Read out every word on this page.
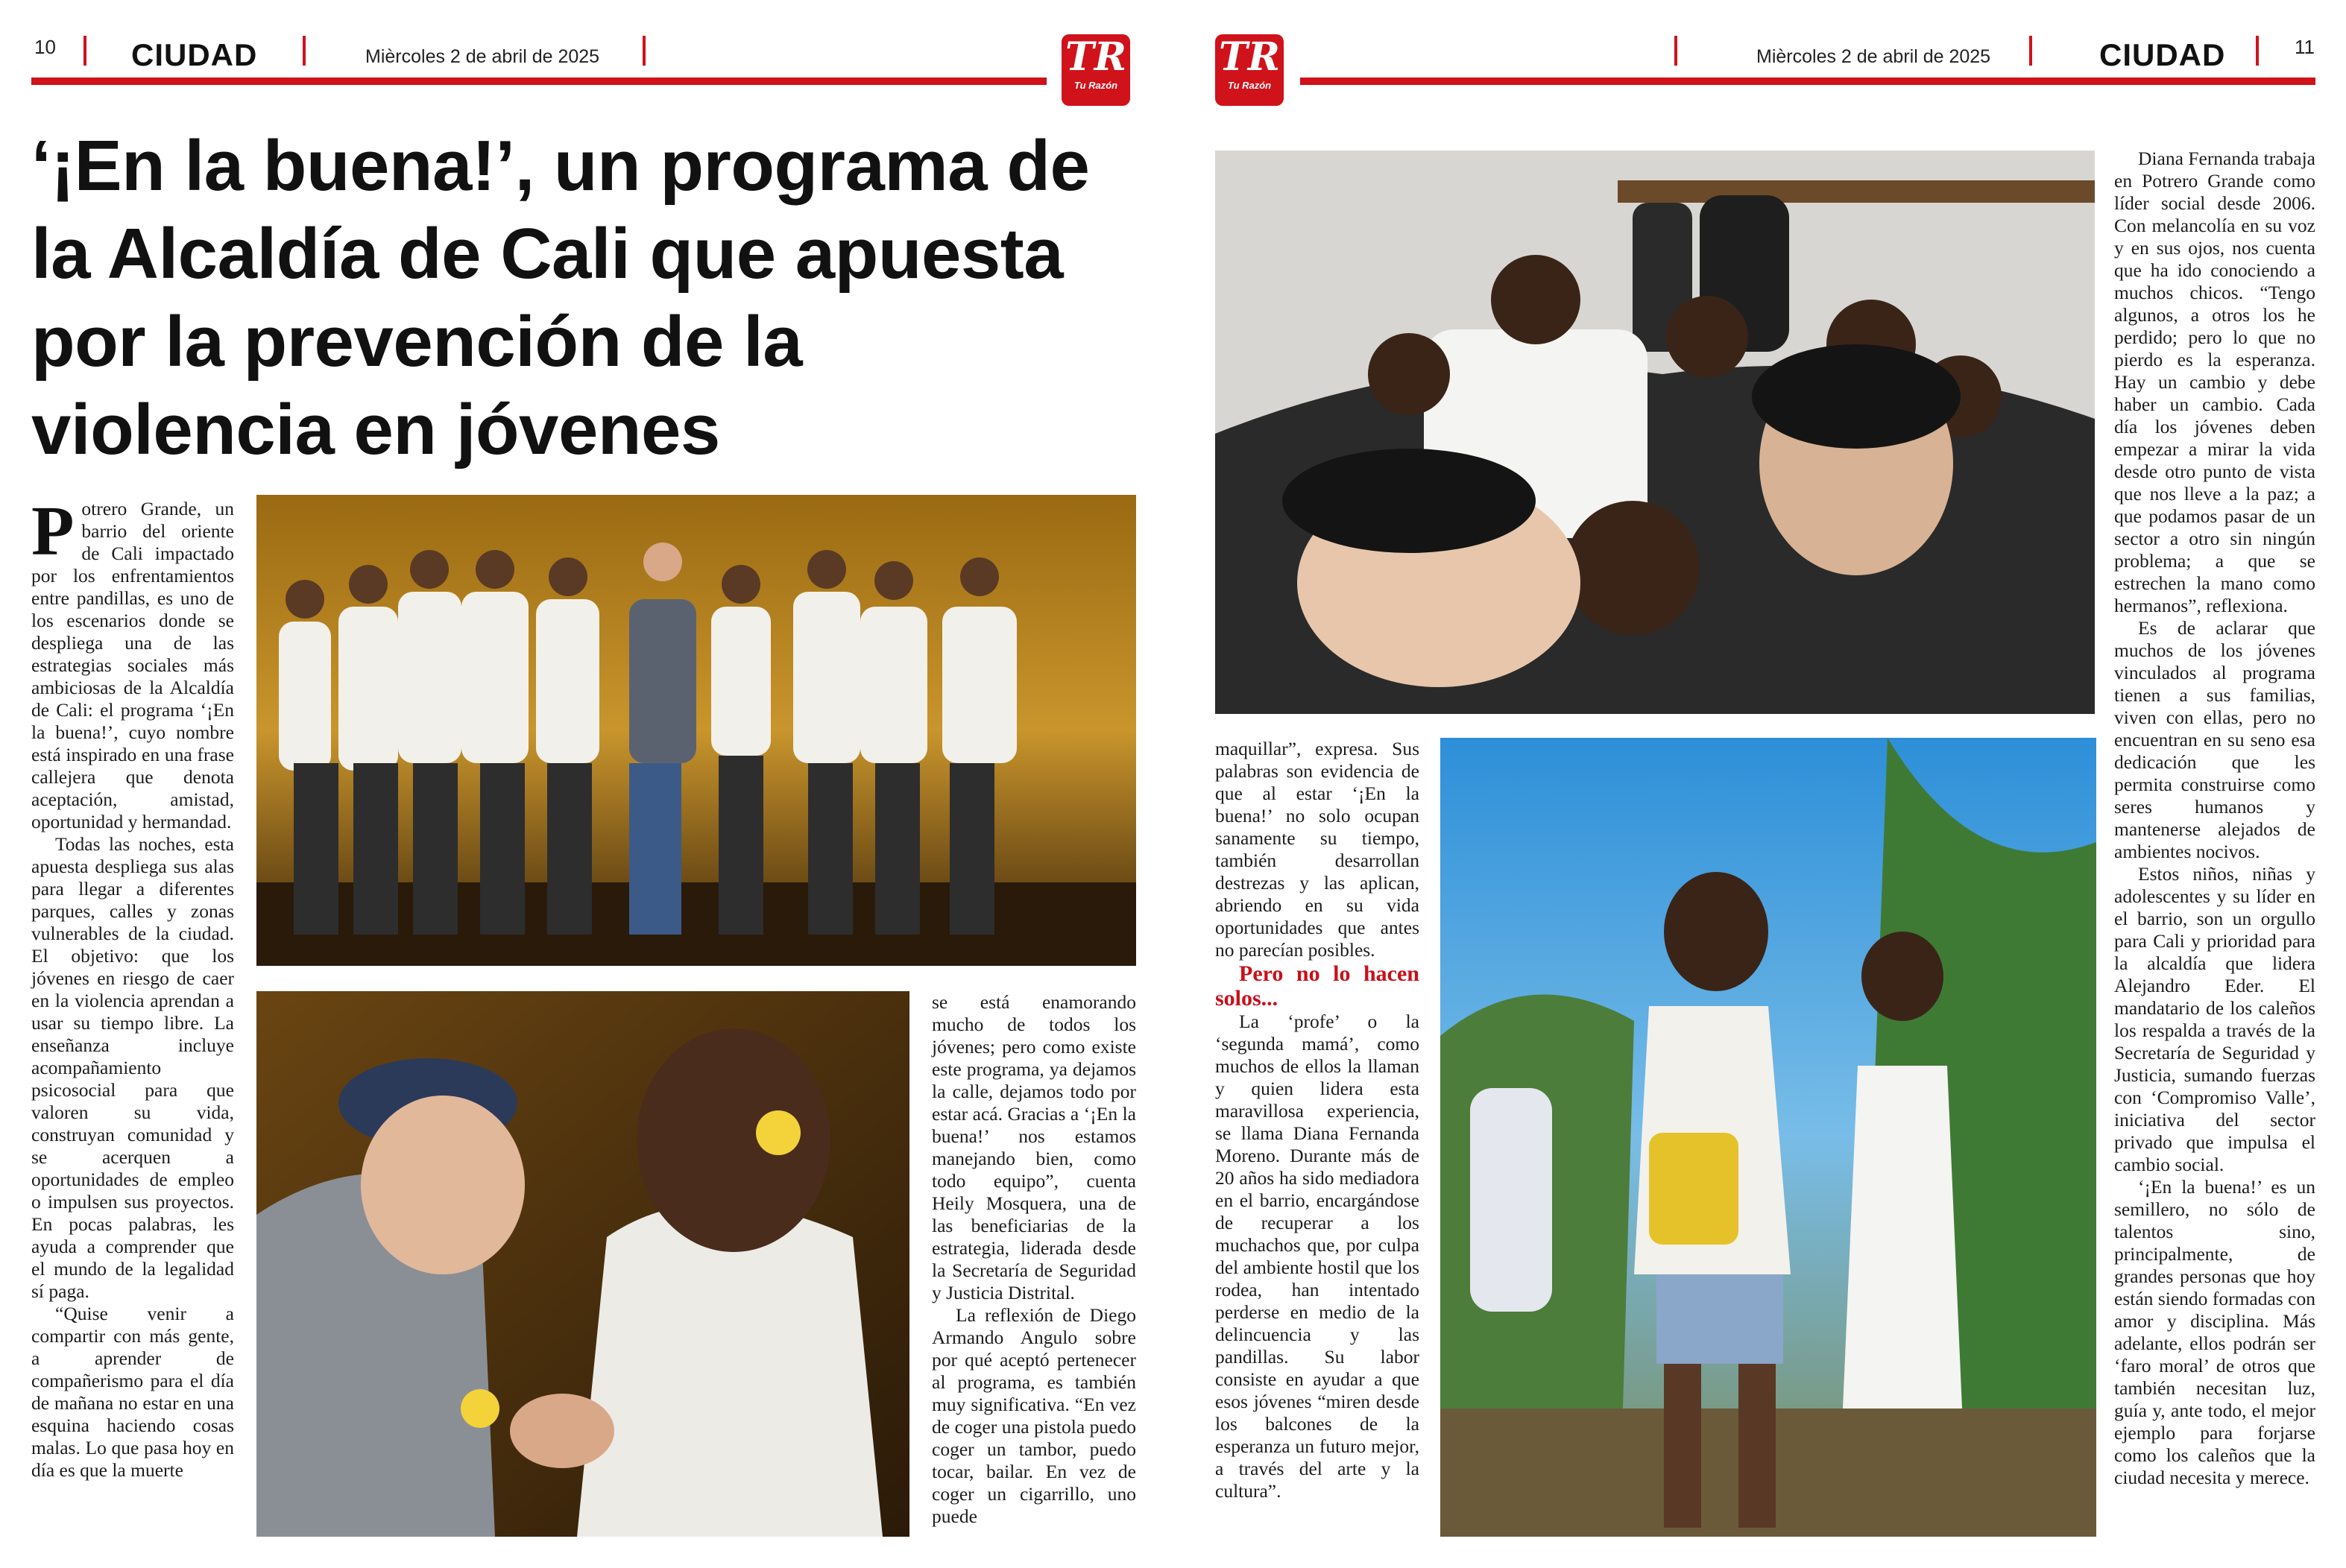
10 CIUDAD	Mièrcoles 2 de abril de 2025	TR
Tu Razón
TR
Tu Razón
Mièrcoles 2 de abril de 2025	CIUDAD	11
‘¡En la buena!’, un programa de la Alcaldía de Cali que apuesta por la prevención de la violencia en jóvenes

Potrero Grande, un barrio del oriente de Cali impactado por los enfrentamientos entre pandillas, es uno de los escenarios donde se despliega una de las estrategias sociales más ambiciosas de la Alcaldía de Cali: el programa ‘¡En la buena!’, cuyo nombre está inspirado en una frase callejera que denota aceptación, amistad, oportunidad y hermandad.

Todas las noches, esta apuesta despliega sus alas para llegar a diferentes parques, calles y zonas vulnerables de la ciudad. El objetivo: que los jóvenes en riesgo de caer en la violencia aprendan a usar su tiempo libre. La enseñanza incluye acompañamiento psicosocial para que valoren su vida, construyan comunidad y se acerquen a oportunidades de empleo o impulsen sus proyectos. En pocas palabras, les ayuda a comprender que el mundo de la legalidad sí paga.

“Quise venir a compartir con más gente, a aprender de compañerismo para el día de mañana no estar en una esquina haciendo cosas malas. Lo que pasa hoy en día es que la muerte

se está enamorando mucho de todos los jóvenes; pero como existe este programa, ya dejamos la calle, dejamos todo por estar acá. Gracias a ‘¡En la buena!’ nos estamos manejando bien, como todo equipo”, cuenta Heily Mosquera, una de las beneficiarias de la estrategia, liderada desde la Secretaría de Seguridad y Justicia Distrital.

La reflexión de Diego Armando Angulo sobre por qué aceptó pertenecer al programa, es también muy significativa. “En vez de coger una pistola puedo coger un tambor, puedo tocar, bailar. En vez de coger un cigarrillo, uno puede

maquillar”, expresa. Sus palabras son evidencia de que al estar ‘¡En la buena!’ no solo ocupan sanamente su tiempo, también desarrollan destrezas y las aplican, abriendo en su vida oportunidades que antes no parecían posibles.

Pero no lo hacen solos...

La ‘profe’ o la ‘segunda mamá’, como muchos de ellos la llaman y quien lidera esta maravillosa experiencia, se llama Diana Fernanda Moreno. Durante más de 20 años ha sido mediadora en el barrio, encargándose de recuperar a los muchachos que, por culpa del ambiente hostil que los rodea, han intentado perderse en medio de la delincuencia y las pandillas. Su labor consiste en ayudar a que esos jóvenes “miren desde los balcones de la esperanza un futuro mejor, a través del arte y la cultura”.

Diana Fernanda trabaja en Potrero Grande como líder social desde 2006. Con melancolía en su voz y en sus ojos, nos cuenta que ha ido conociendo a muchos chicos. “Tengo algunos, a otros los he perdido; pero lo que no pierdo es la esperanza. Hay un cambio y debe haber un cambio. Cada día los jóvenes deben empezar a mirar la vida desde otro punto de vista que nos lleve a la paz; a que podamos pasar de un sector a otro sin ningún problema; a que se estrechen la mano como hermanos”, reflexiona.

Es de aclarar que muchos de los jóvenes vinculados al programa tienen a sus familias, viven con ellas, pero no encuentran en su seno esa dedicación que les permita construirse como seres humanos y mantenerse alejados de ambientes nocivos.

Estos niños, niñas y adolescentes y su líder en el barrio, son un orgullo para Cali y prioridad para la alcaldía que lidera Alejandro Eder. El mandatario de los caleños los respalda a través de la Secretaría de Seguridad y Justicia, sumando fuerzas con ‘Compromiso Valle’, iniciativa del sector privado que impulsa el cambio social.

‘¡En la buena!’ es un semillero, no sólo de talentos sino, principalmente, de grandes personas que hoy están siendo formadas con amor y disciplina. Más adelante, ellos podrán ser ‘faro moral’ de otros que también necesitan luz, guía y, ante todo, el mejor ejemplo para forjarse como los caleños que la ciudad necesita y merece.
